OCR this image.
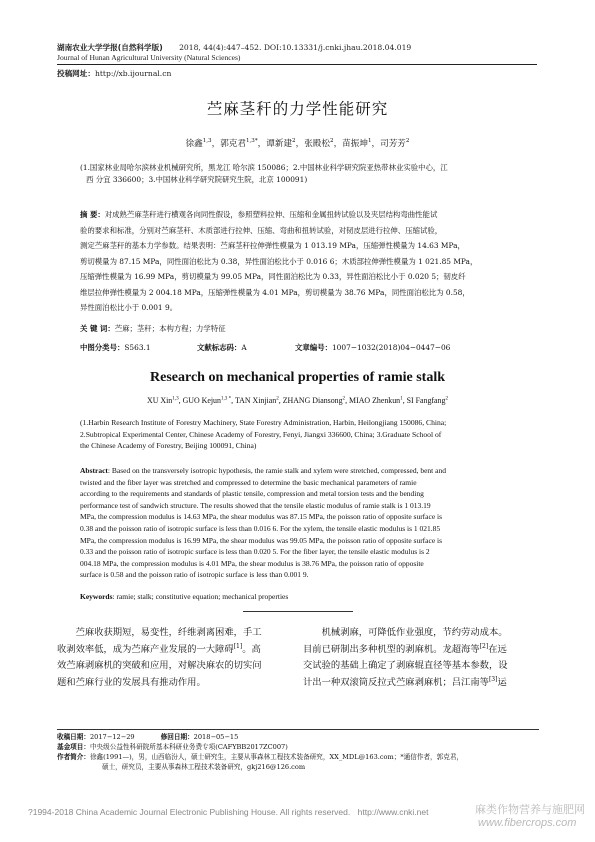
湖南农业大学学报(自然科学版) 2018, 44(4):447–452. DOI:10.13331/j.cnki.jhau.2018.04.019
Journal of Hunan Agricultural University (Natural Sciences)
投稿网址：http://xb.ijournal.cn
苎麻茎秆的力学性能研究
徐鑫$^{1,3}$，郭克君$^{1,3*}$，谭新建$^2$，张殿松$^2$，苗振坤$^1$，司芳芳$^2$
(1.国家林业局哈尔滨林业机械研究所，黑龙江 哈尔滨 150086；2.中国林业科学研究院亚热带林业实验中心，江
西 分宜 336600；3.中国林业科学研究院研究生院，北京 100091)
摘 要：对成熟苎麻茎秆进行横观各向同性假设，参照塑料拉伸、压缩和金属扭转试验以及夹层结构弯曲性能试
验的要求和标准，分别对苎麻茎秆、木质部进行拉伸、压缩、弯曲和扭转试验，对韧皮层进行拉伸、压缩试验，
测定苎麻茎秆的基本力学参数。结果表明：苎麻茎秆拉伸弹性模量为 1 013.19 MPa，压缩弹性模量为 14.63 MPa，
剪切模量为 87.15 MPa，同性面泊松比为 0.38，异性面泊松比小于 0.016 6；木质部拉伸弹性模量为 1 021.85 MPa，
压缩弹性模量为 16.99 MPa，剪切模量为 99.05 MPa，同性面泊松比为 0.33，异性面泊松比小于 0.020 5；韧皮纤
维层拉伸弹性模量为 2 004.18 MPa，压缩弹性模量为 4.01 MPa，剪切模量为 38.76 MPa，同性面泊松比为 0.58，
异性面泊松比小于 0.001 9。
关 键 词：苎麻；茎秆；本构方程；力学特征
中图分类号：S563.1	文献标志码：A	文章编号：1007−1032(2018)04−0447−06
Research on mechanical properties of ramie stalk
XU Xin$^{1,3}$, GUO Kejun$^{1,3 *}$, TAN Xinjian$^2$, ZHANG Diansong$^2$, MIAO Zhenkun$^1$, SI Fangfang$^2$
(1.Harbin Research Institute of Forestry Machinery, State Forestry Administration, Harbin, Heilongjiang 150086, China;
2.Subtropical Experimental Center, Chinese Academy of Forestry, Fenyi, Jiangxi 336600, China; 3.Graduate School of
the Chinese Academy of Forestry, Beijing 100091, China)
Abstract: Based on the transversely isotropic hypothesis, the ramie stalk and xylem were stretched, compressed, bent and
twisted and the fiber layer was stretched and compressed to determine the basic mechanical parameters of ramie
according to the requirements and standards of plastic tensile, compression and metal torsion tests and the bending
performance test of sandwich structure. The results showed that the tensile elastic modulus of ramie stalk is 1 013.19
MPa, the compression modulus is 14.63 MPa, the shear modulus was 87.15 MPa, the poisson ratio of opposite surface is
0.38 and the poisson ratio of isotropic surface is less than 0.016 6. For the xylem, the tensile elastic modulus is 1 021.85
MPa, the compression modulus is 16.99 MPa, the shear modulus was 99.05 MPa, the poisson ratio of opposite surface is
0.33 and the poisson ratio of isotropic surface is less than 0.020 5. For the fiber layer, the tensile elastic modulus is 2
004.18 MPa, the compression modulus is 4.01 MPa, the shear modulus is 38.76 MPa, the poisson ratio of opposite
surface is 0.58 and the poisson ratio of isotropic surface is less than 0.001 9.
Keywords: ramie; stalk; constitutive equation; mechanical properties
　　苎麻收获期短，易变性，纤维剥离困难，手工
收剥效率低，成为苎麻产业发展的一大障碍[1]。高
效苎麻剥麻机的突破和应用，对解决麻农的切实问
题和苎麻行业的发展具有推动作用。
　　机械剥麻，可降低作业强度，节约劳动成本。
目前已研制出多种机型的剥麻机。龙超海等[2]在远
交试验的基础上确定了剥麻辊直径等基本参数，设
计出一种双滚筒反拉式苎麻剥麻机；吕江南等[3]运
收稿日期：2017−12−29	修回日期：2018−05−15
基金项目：中央级公益性科研院所基本科研业务费专项(CAFYBB2017ZC007)
作者简介：徐鑫(1991—)，男，山西临汾人，硕士研究生，主要从事森林工程技术装备研究，XX_MDL@163.com；*通信作者，郭克君，
硕士，研究员，主要从事森林工程技术装备研究，gkj216@126.com
?1994-2018 China Academic Journal Electronic Publishing House. All rights reserved. http://www.cnki.net	麻类作物营养与施肥网
www.fibercrops.com
